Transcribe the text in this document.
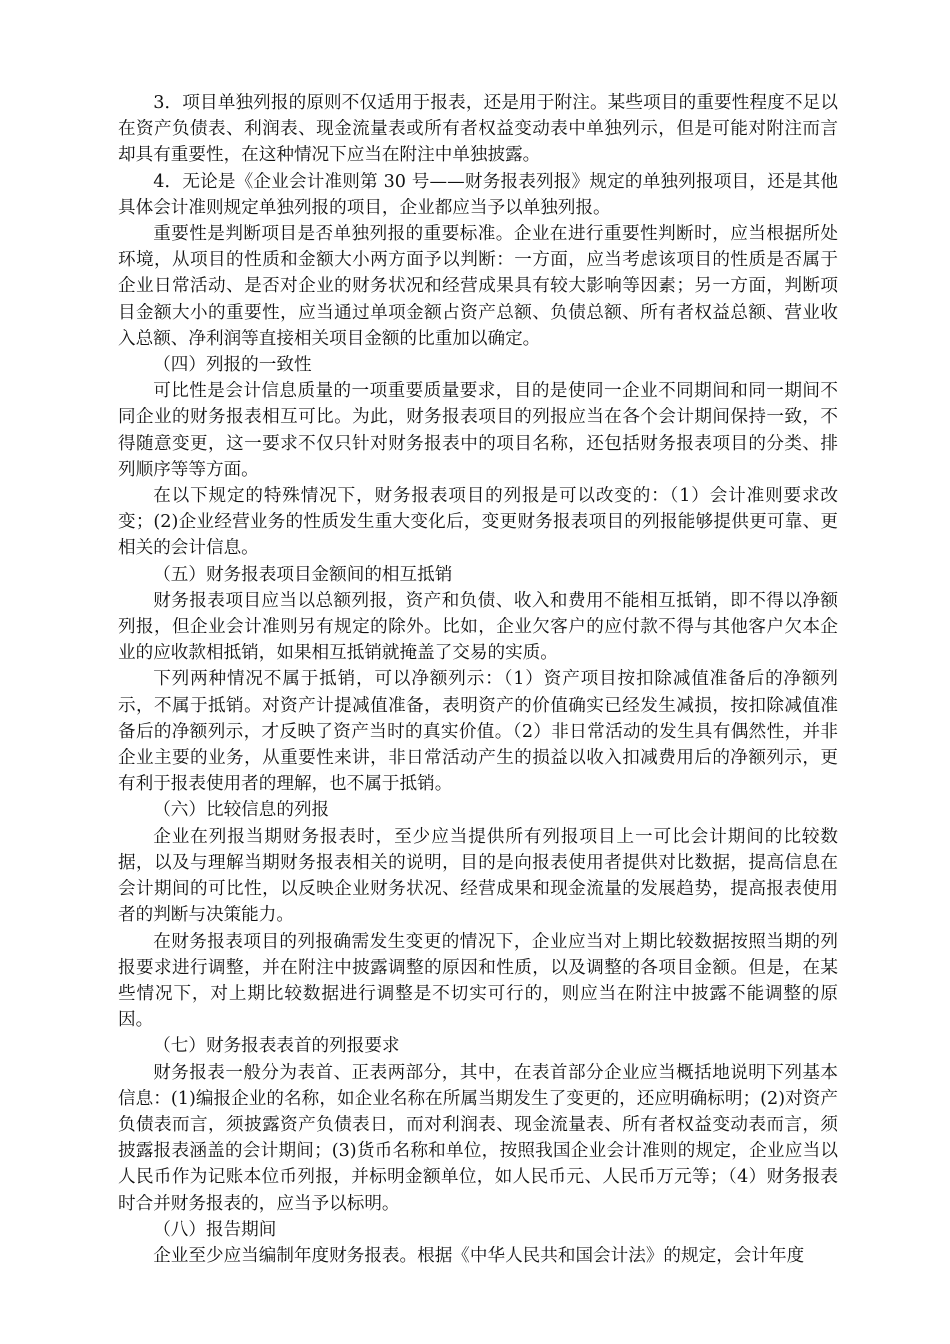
3．项目单独列报的原则不仅适用于报表，还是用于附注。某些项目的重要性程度不足以在资产负债表、利润表、现金流量表或所有者权益变动表中单独列示，但是可能对附注而言却具有重要性，在这种情况下应当在附注中单独披露。

4．无论是《企业会计准则第 30 号——财务报表列报》规定的单独列报项目，还是其他具体会计准则规定单独列报的项目，企业都应当予以单独列报。

重要性是判断项目是否单独列报的重要标准。企业在进行重要性判断时，应当根据所处环境，从项目的性质和金额大小两方面予以判断：一方面，应当考虑该项目的性质是否属于企业日常活动、是否对企业的财务状况和经营成果具有较大影响等因素；另一方面，判断项目金额大小的重要性，应当通过单项金额占资产总额、负债总额、所有者权益总额、营业收入总额、净利润等直接相关项目金额的比重加以确定。

（四）列报的一致性

可比性是会计信息质量的一项重要质量要求，目的是使同一企业不同期间和同一期间不同企业的财务报表相互可比。为此，财务报表项目的列报应当在各个会计期间保持一致，不得随意变更，这一要求不仅只针对财务报表中的项目名称，还包括财务报表项目的分类、排列顺序等等方面。

在以下规定的特殊情况下，财务报表项目的列报是可以改变的：（1）会计准则要求改变；(2)企业经营业务的性质发生重大变化后，变更财务报表项目的列报能够提供更可靠、更相关的会计信息。

（五）财务报表项目金额间的相互抵销

财务报表项目应当以总额列报，资产和负债、收入和费用不能相互抵销，即不得以净额列报，但企业会计准则另有规定的除外。比如，企业欠客户的应付款不得与其他客户欠本企业的应收款相抵销，如果相互抵销就掩盖了交易的实质。

下列两种情况不属于抵销，可以净额列示：（1）资产项目按扣除减值准备后的净额列示，不属于抵销。对资产计提减值准备，表明资产的价值确实已经发生减损，按扣除减值准备后的净额列示，才反映了资产当时的真实价值。（2）非日常活动的发生具有偶然性，并非企业主要的业务，从重要性来讲，非日常活动产生的损益以收入扣减费用后的净额列示，更有利于报表使用者的理解，也不属于抵销。

（六）比较信息的列报

企业在列报当期财务报表时，至少应当提供所有列报项目上一可比会计期间的比较数据，以及与理解当期财务报表相关的说明，目的是向报表使用者提供对比数据，提高信息在会计期间的可比性，以反映企业财务状况、经营成果和现金流量的发展趋势，提高报表使用者的判断与决策能力。

在财务报表项目的列报确需发生变更的情况下，企业应当对上期比较数据按照当期的列报要求进行调整，并在附注中披露调整的原因和性质，以及调整的各项目金额。但是，在某些情况下，对上期比较数据进行调整是不切实可行的，则应当在附注中披露不能调整的原因。

（七）财务报表表首的列报要求

财务报表一般分为表首、正表两部分，其中，在表首部分企业应当概括地说明下列基本信息：(1)编报企业的名称，如企业名称在所属当期发生了变更的，还应明确标明；(2)对资产负债表而言，须披露资产负债表日，而对利润表、现金流量表、所有者权益变动表而言，须披露报表涵盖的会计期间；(3)货币名称和单位，按照我国企业会计准则的规定，企业应当以人民币作为记账本位币列报，并标明金额单位，如人民币元、人民币万元等；（4）财务报表时合并财务报表的，应当予以标明。

（八）报告期间

企业至少应当编制年度财务报表。根据《中华人民共和国会计法》的规定，会计年度
